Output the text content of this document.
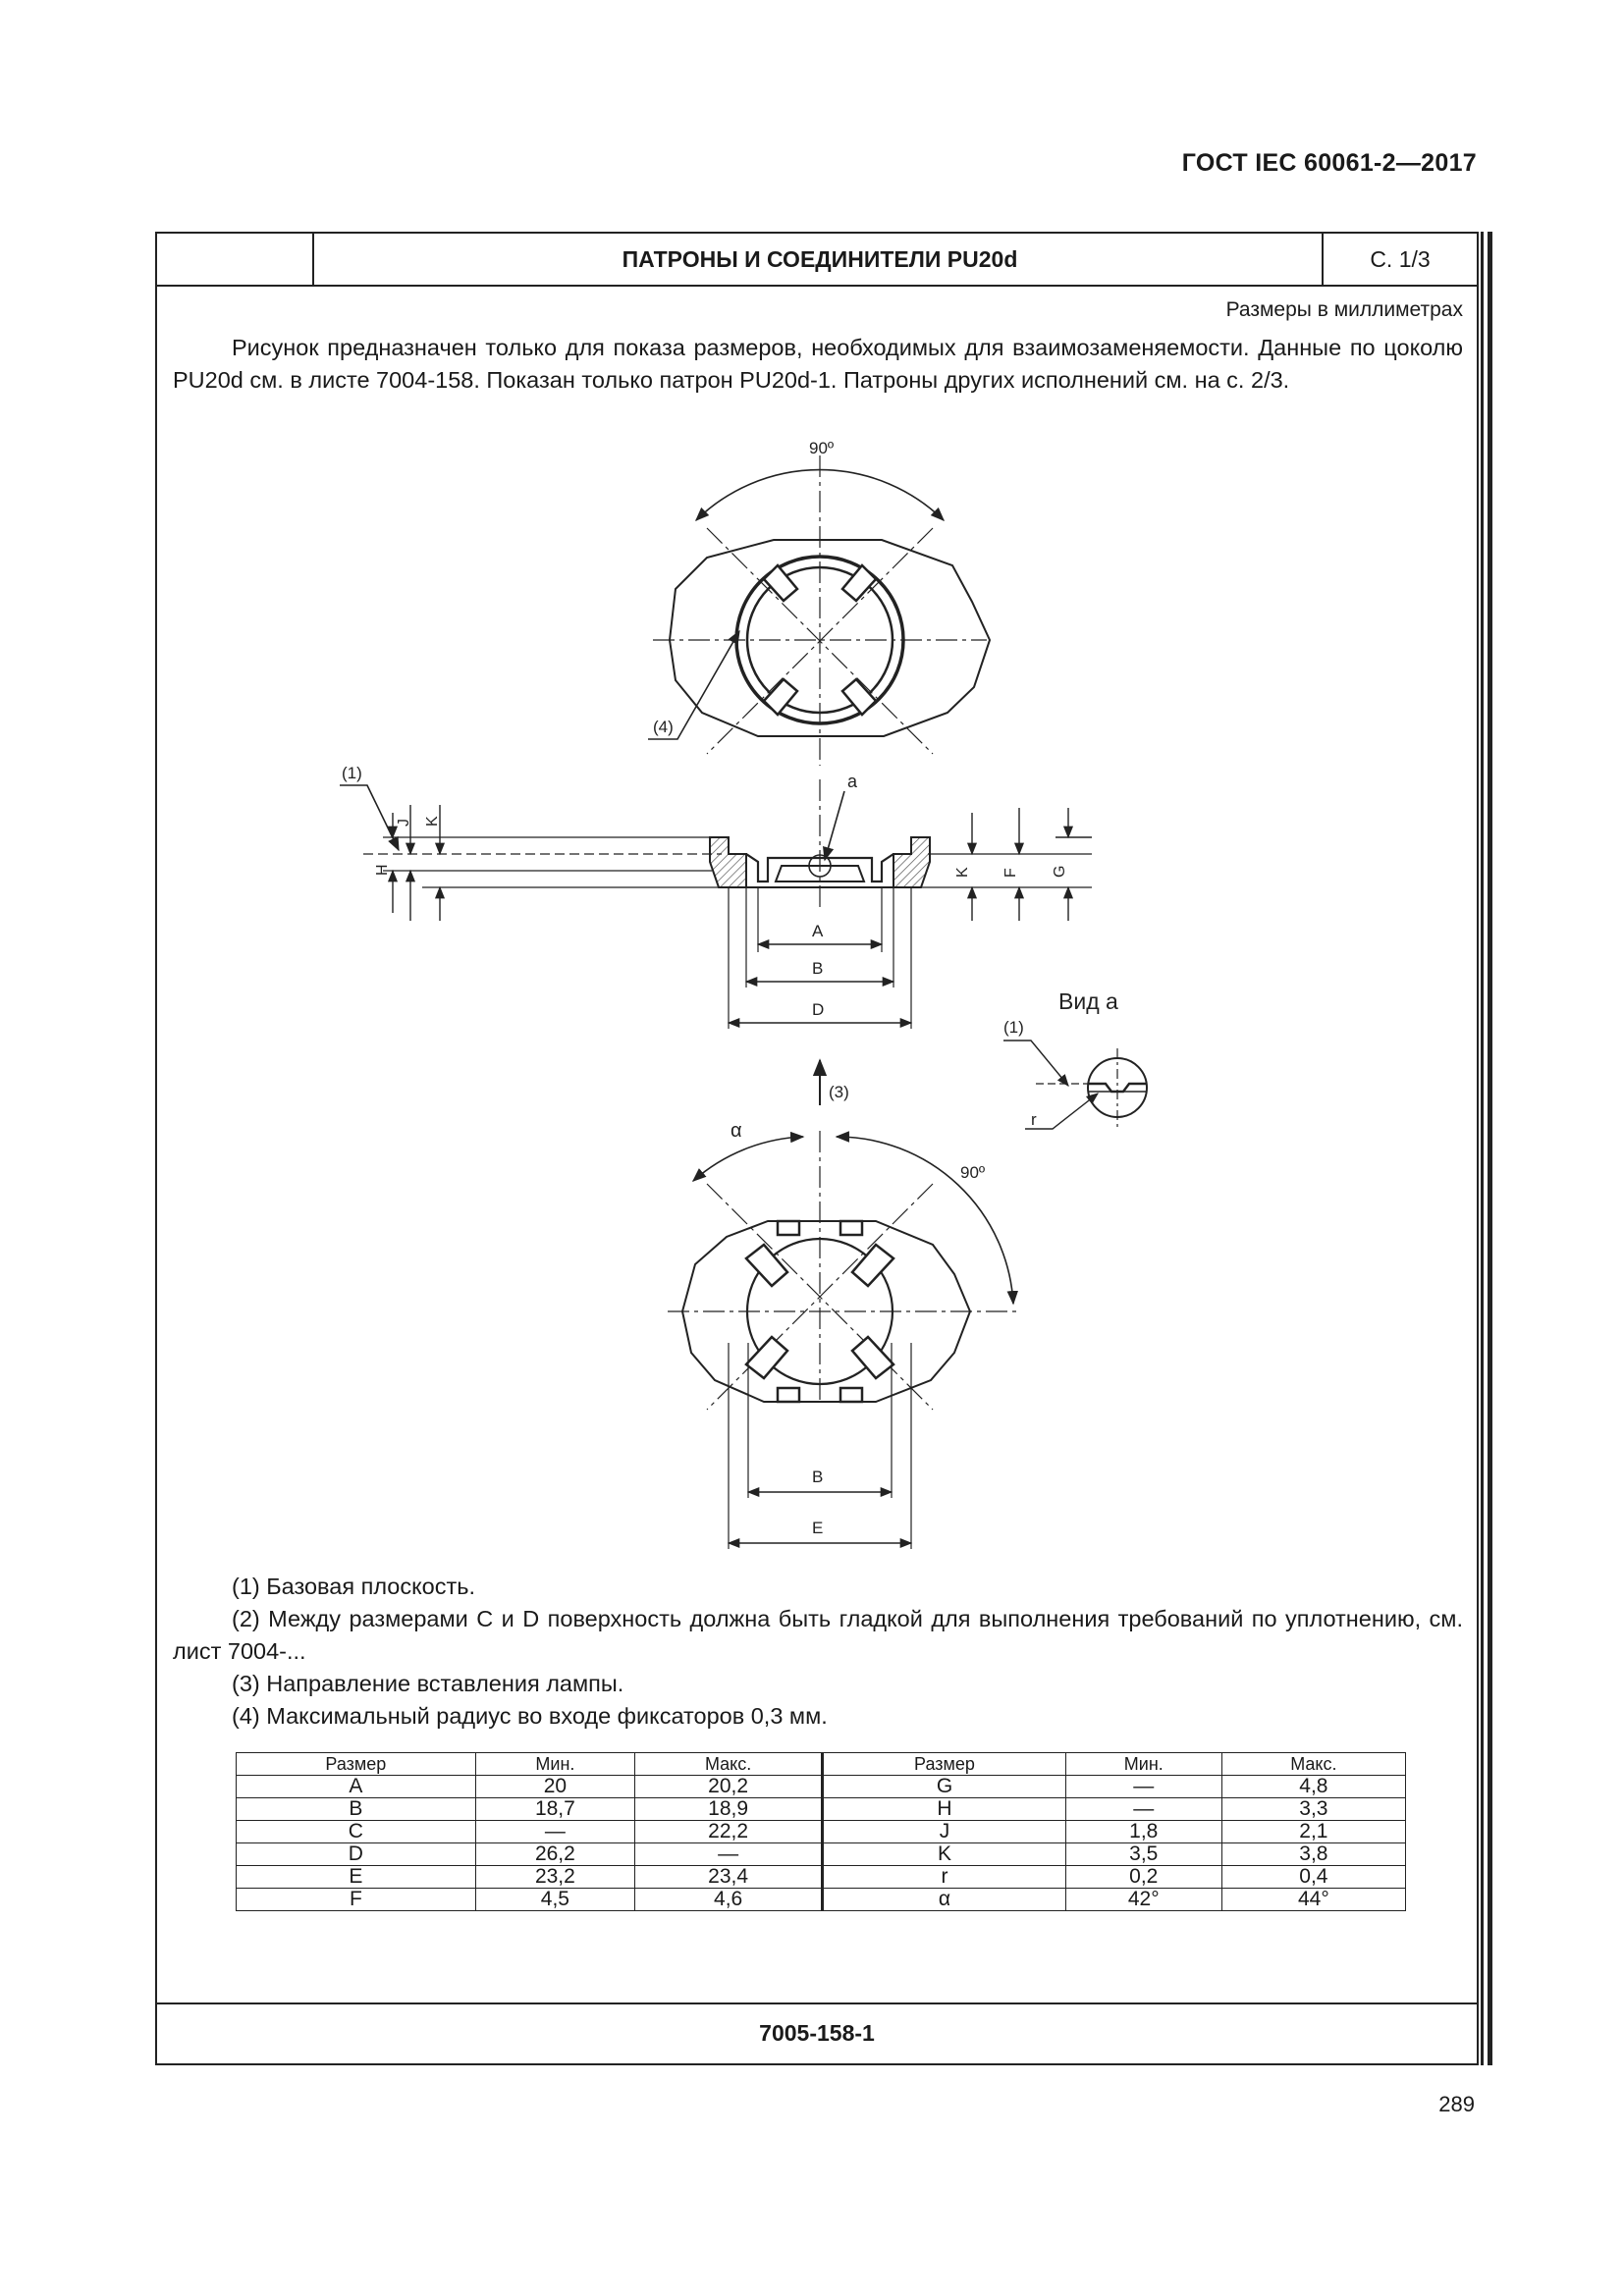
ГОСТ IEC 60061-2—2017
ПАТРОНЫ И СОЕДИНИТЕЛИ PU20d	С. 1/3
Размеры в миллиметрах

Рисунок предназначен только для показа размеров, необходимых для взаимозаменяемости. Данные по цоколю PU20d см. в листе 7004-158. Показан только патрон PU20d-1. Патроны других исполнений см. на с. 2/3.

90º
(4)
a
(1)
H
J K
K F G
A
B
D	Вид a
(1)
r
(3)
α
90º
B
E

(1) Базовая плоскость.

(2) Между размерами C и D поверхность должна быть гладкой для выполнения требований по уплотнению, см. лист 7004-...

(3) Направление вставления лампы.

(4) Максимальный радиус во входе фиксаторов 0,3 мм.

Размер	Мин.	Макс.	Размер	Мин.	Макс.
A	20	20,2	G	—	4,8
B	18,7	18,9	H	—	3,3
C	—	22,2	J	1,8	2,1
D	26,2	—	K	3,5	3,8
E	23,2	23,4	r	0,2	0,4
F	4,5	4,6	α	42°	44°
7005-158-1
289
